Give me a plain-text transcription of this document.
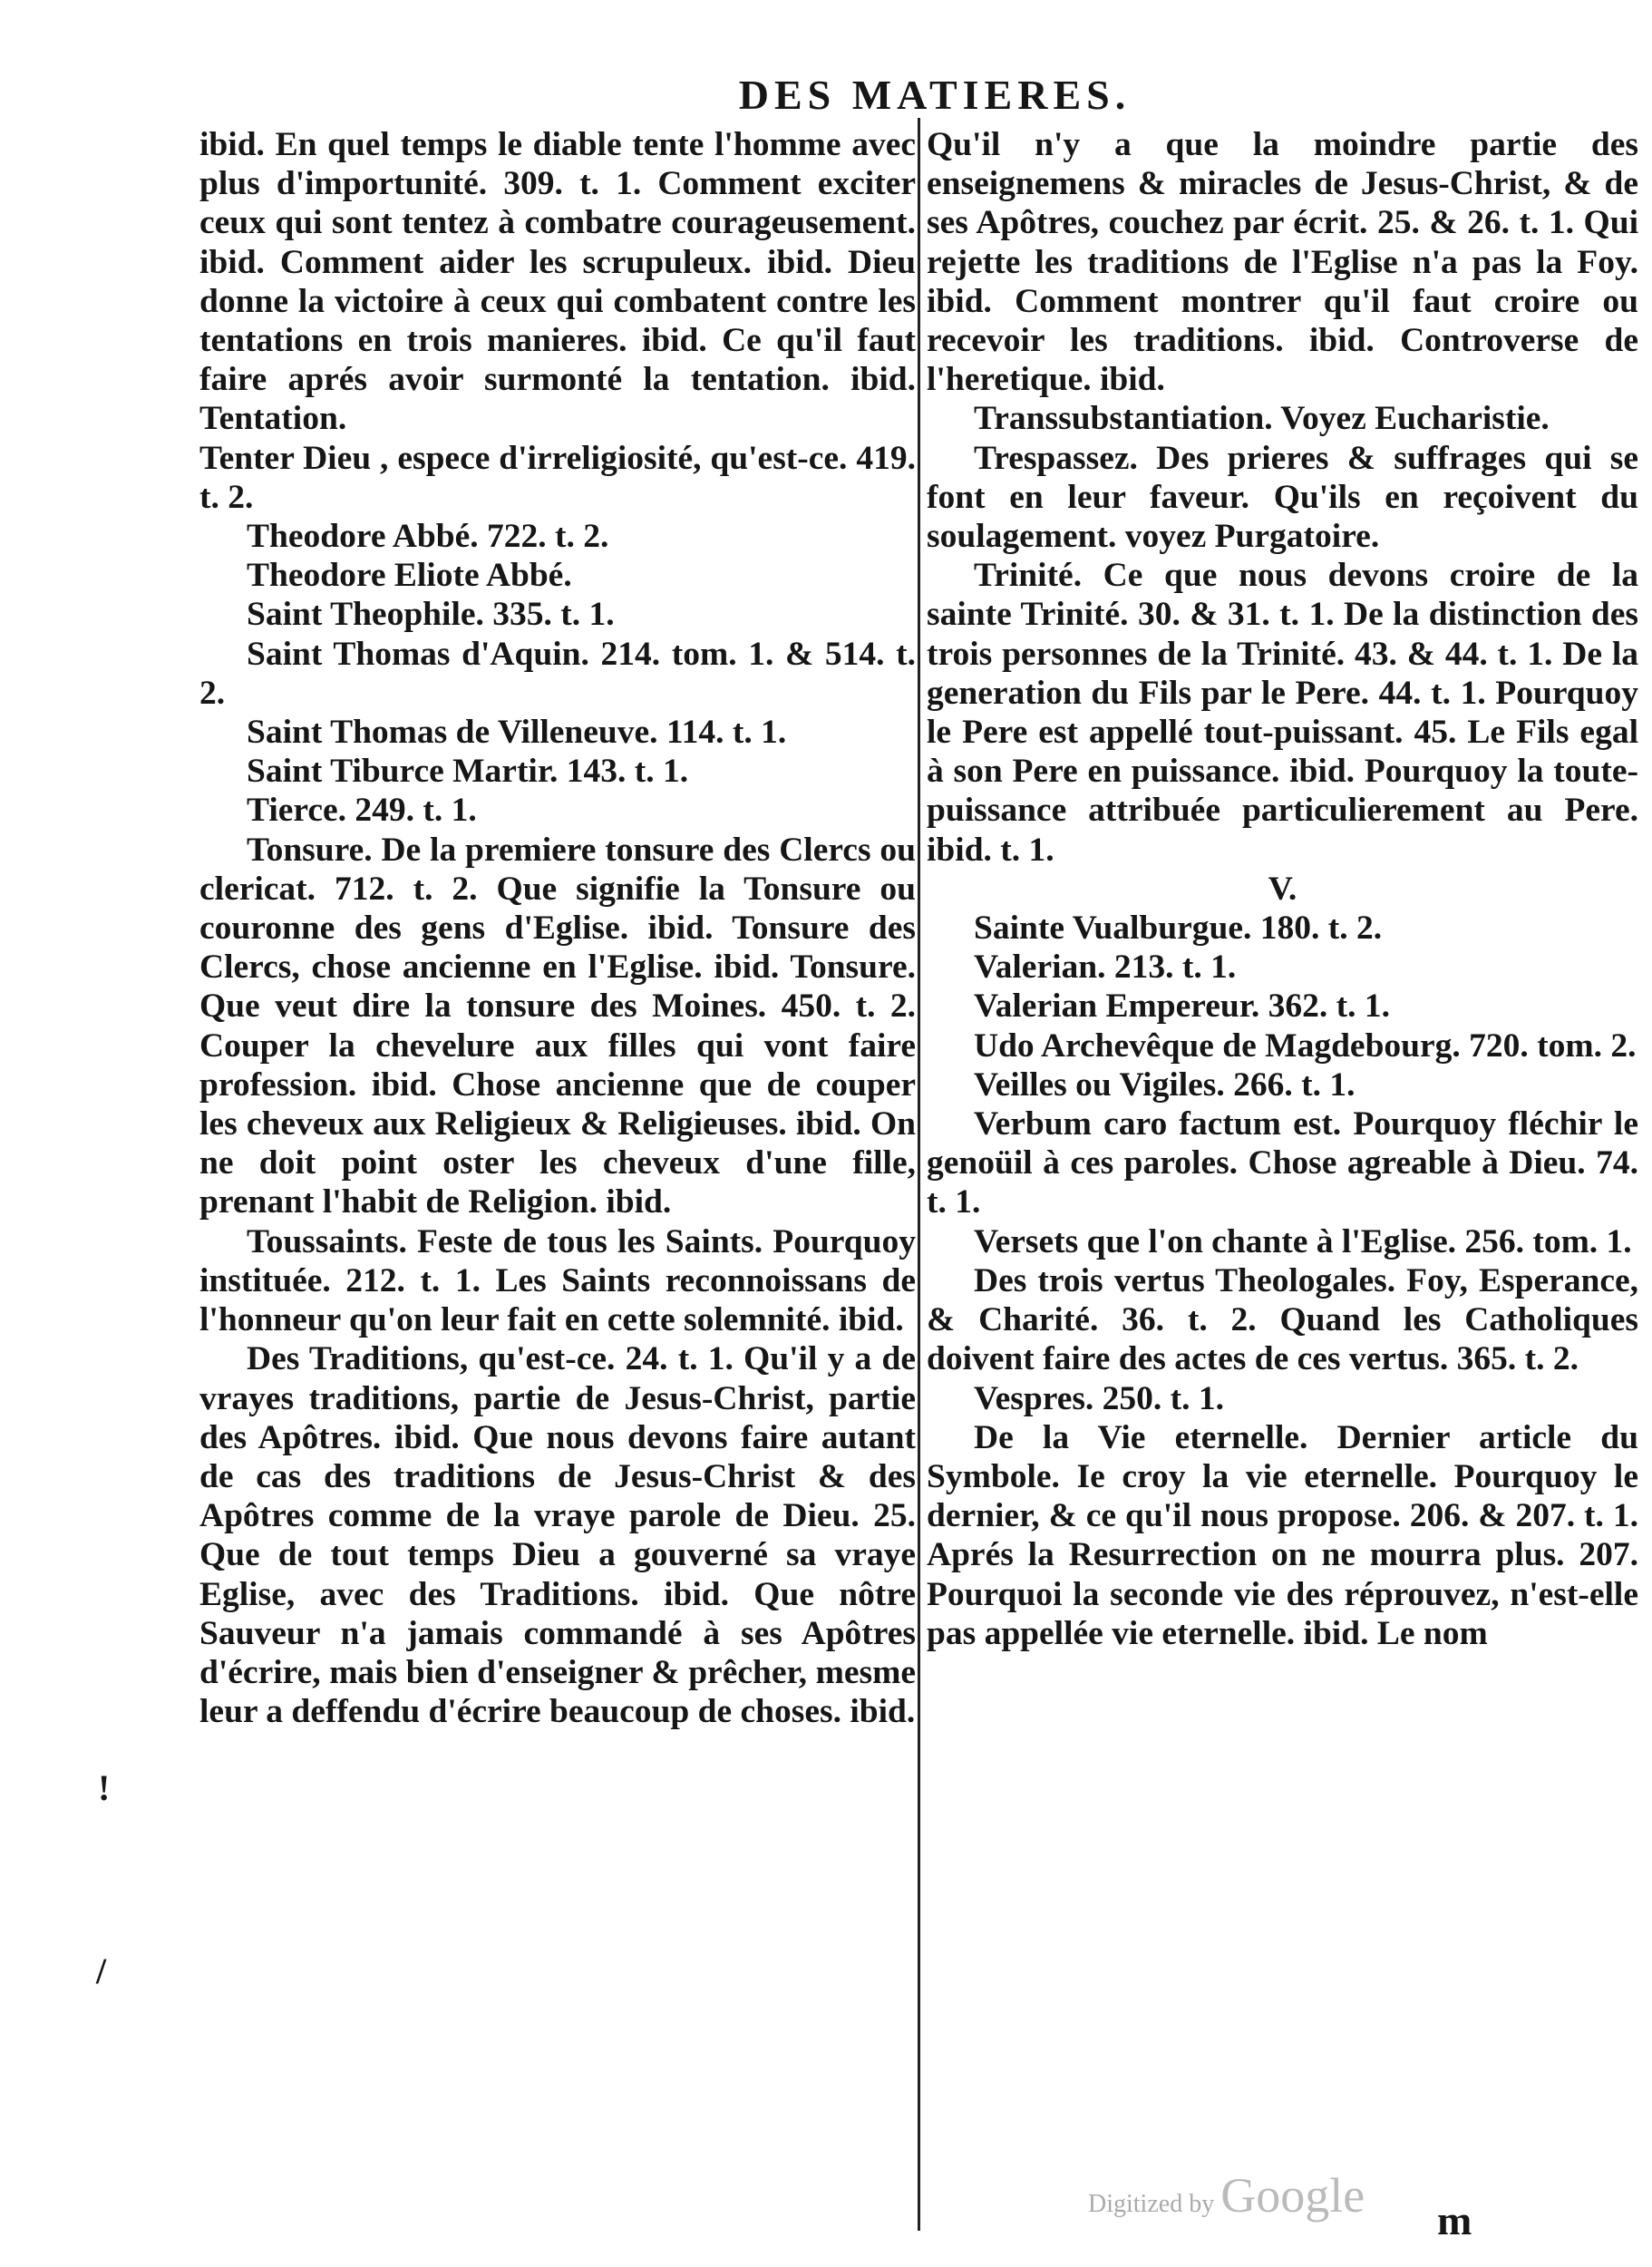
DES MATIERES.

ibid. En quel temps le diable tente l'homme avec plus d'importunité. 309. t. 1. Comment exciter ceux qui sont tentez à combatre courageusement. ibid. Comment aider les scrupuleux. ibid. Dieu donne la victoire à ceux qui combatent contre les tentations en trois manieres. ibid. Ce qu'il faut faire aprés avoir surmonté la tentation. ibid. Tentation.

Tenter Dieu , espece d'irreligiosité, qu'est-ce. 419. t. 2.

Theodore Abbé. 722. t. 2.

Theodore Eliote Abbé.

Saint Theophile. 335. t. 1.

Saint Thomas d'Aquin. 214. tom. 1. & 514. t. 2.

Saint Thomas de Villeneuve. 114. t. 1.

Saint Tiburce Martir. 143. t. 1.

Tierce. 249. t. 1.

Tonsure. De la premiere tonsure des Clercs ou clericat. 712. t. 2. Que signifie la Tonsure ou couronne des gens d'Eglise. ibid. Tonsure des Clercs, chose ancienne en l'Eglise. ibid. Tonsure. Que veut dire la tonsure des Moines. 450. t. 2. Couper la chevelure aux filles qui vont faire profession. ibid. Chose ancienne que de couper les cheveux aux Religieux & Religieuses. ibid. On ne doit point oster les cheveux d'une fille, prenant l'habit de Religion. ibid.

Toussaints. Feste de tous les Saints. Pourquoy instituée. 212. t. 1. Les Saints reconnoissans de l'honneur qu'on leur fait en cette solemnité. ibid.

Des Traditions, qu'est-ce. 24. t. 1. Qu'il y a de vrayes traditions, partie de Jesus-Christ, partie des Apôtres. ibid. Que nous devons faire autant de cas des traditions de Jesus-Christ & des Apôtres comme de la vraye parole de Dieu. 25. Que de tout temps Dieu a gouverné sa vraye Eglise, avec des Traditions. ibid. Que nôtre Sauveur n'a jamais commandé à ses Apôtres d'écrire, mais bien d'enseigner & prêcher, mesme leur a deffendu d'écrire beaucoup de choses. ibid.

Qu'il n'y a que la moindre partie des enseignemens & miracles de Jesus-Christ, & de ses Apôtres, couchez par écrit. 25. & 26. t. 1. Qui rejette les traditions de l'Eglise n'a pas la Foy. ibid. Comment montrer qu'il faut croire ou recevoir les traditions. ibid. Controverse de l'heretique. ibid.

Transsubstantiation. Voyez Eucharistie.

Trespassez. Des prieres & suffrages qui se font en leur faveur. Qu'ils en reçoivent du soulagement. voyez Purgatoire.

Trinité. Ce que nous devons croire de la sainte Trinité. 30. & 31. t. 1. De la distinction des trois personnes de la Trinité. 43. & 44. t. 1. De la generation du Fils par le Pere. 44. t. 1. Pourquoy le Pere est appellé tout-puissant. 45. Le Fils egal à son Pere en puissance. ibid. Pourquoy la toute-puissance attribuée particulierement au Pere. ibid. t. 1.

V.

Sainte Vualburgue. 180. t. 2.

Valerian. 213. t. 1.

Valerian Empereur. 362. t. 1.

Udo Archevêque de Magdebourg. 720. tom. 2.

Veilles ou Vigiles. 266. t. 1.

Verbum caro factum est. Pourquoy fléchir le genoüil à ces paroles. Chose agreable à Dieu. 74. t. 1.

Versets que l'on chante à l'Eglise. 256. tom. 1.

Des trois vertus Theologales. Foy, Esperance, & Charité. 36. t. 2. Quand les Catholiques doivent faire des actes de ces vertus. 365. t. 2.

Vespres. 250. t. 1.

De la Vie eternelle. Dernier article du Symbole. Ie croy la vie eternelle. Pourquoy le dernier, & ce qu'il nous propose. 206. & 207. t. 1. Aprés la Resurrection on ne mourra plus. 207. Pourquoi la seconde vie des réprouvez, n'est-elle pas appellée vie eternelle. ibid. Le nom

!
/
Digitized by Google m
